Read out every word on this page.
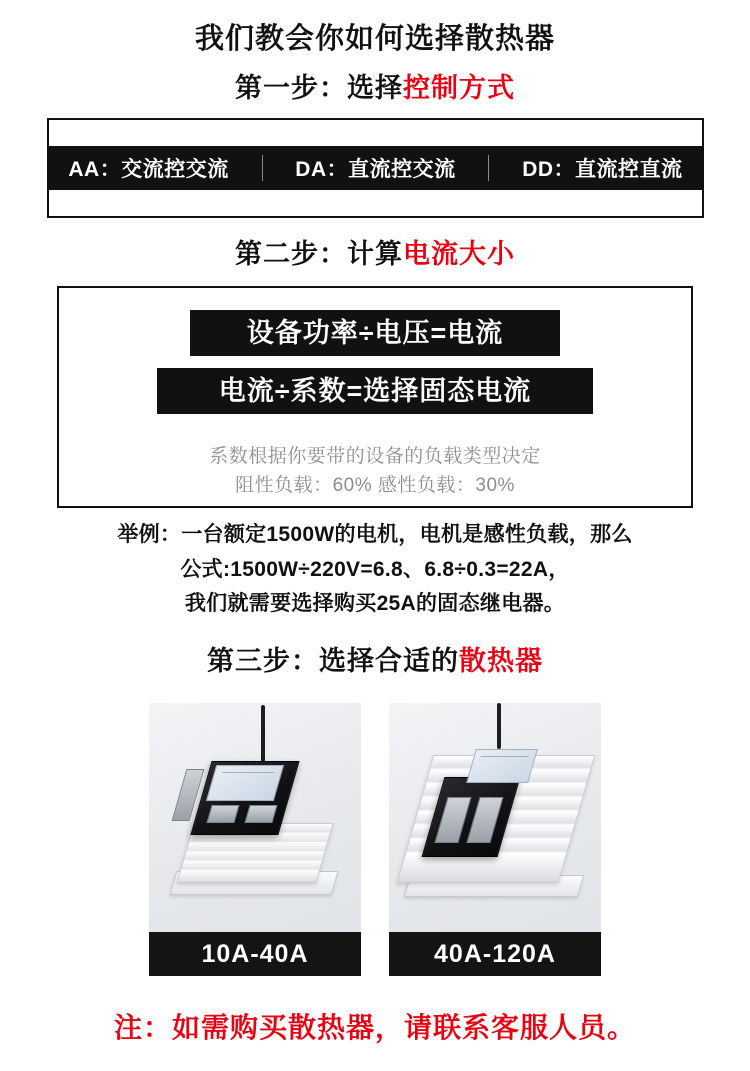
我们教会你如何选择散热器
第一步：选择控制方式
AA：交流控交流	DA：直流控交流	DD：直流控直流
第二步：计算电流大小
设备功率÷电压=电流
电流÷系数=选择固态电流
系数根据你要带的设备的负载类型决定
阻性负载：60% 感性负载：30%
举例：一台额定1500W的电机，电机是感性负载，那么
公式:1500W÷220V=6.8、6.8÷0.3=22A，
我们就需要选择购买25A的固态继电器。
第三步：选择合适的散热器
10A-40A	40A-120A
注：如需购买散热器，请联系客服人员。
